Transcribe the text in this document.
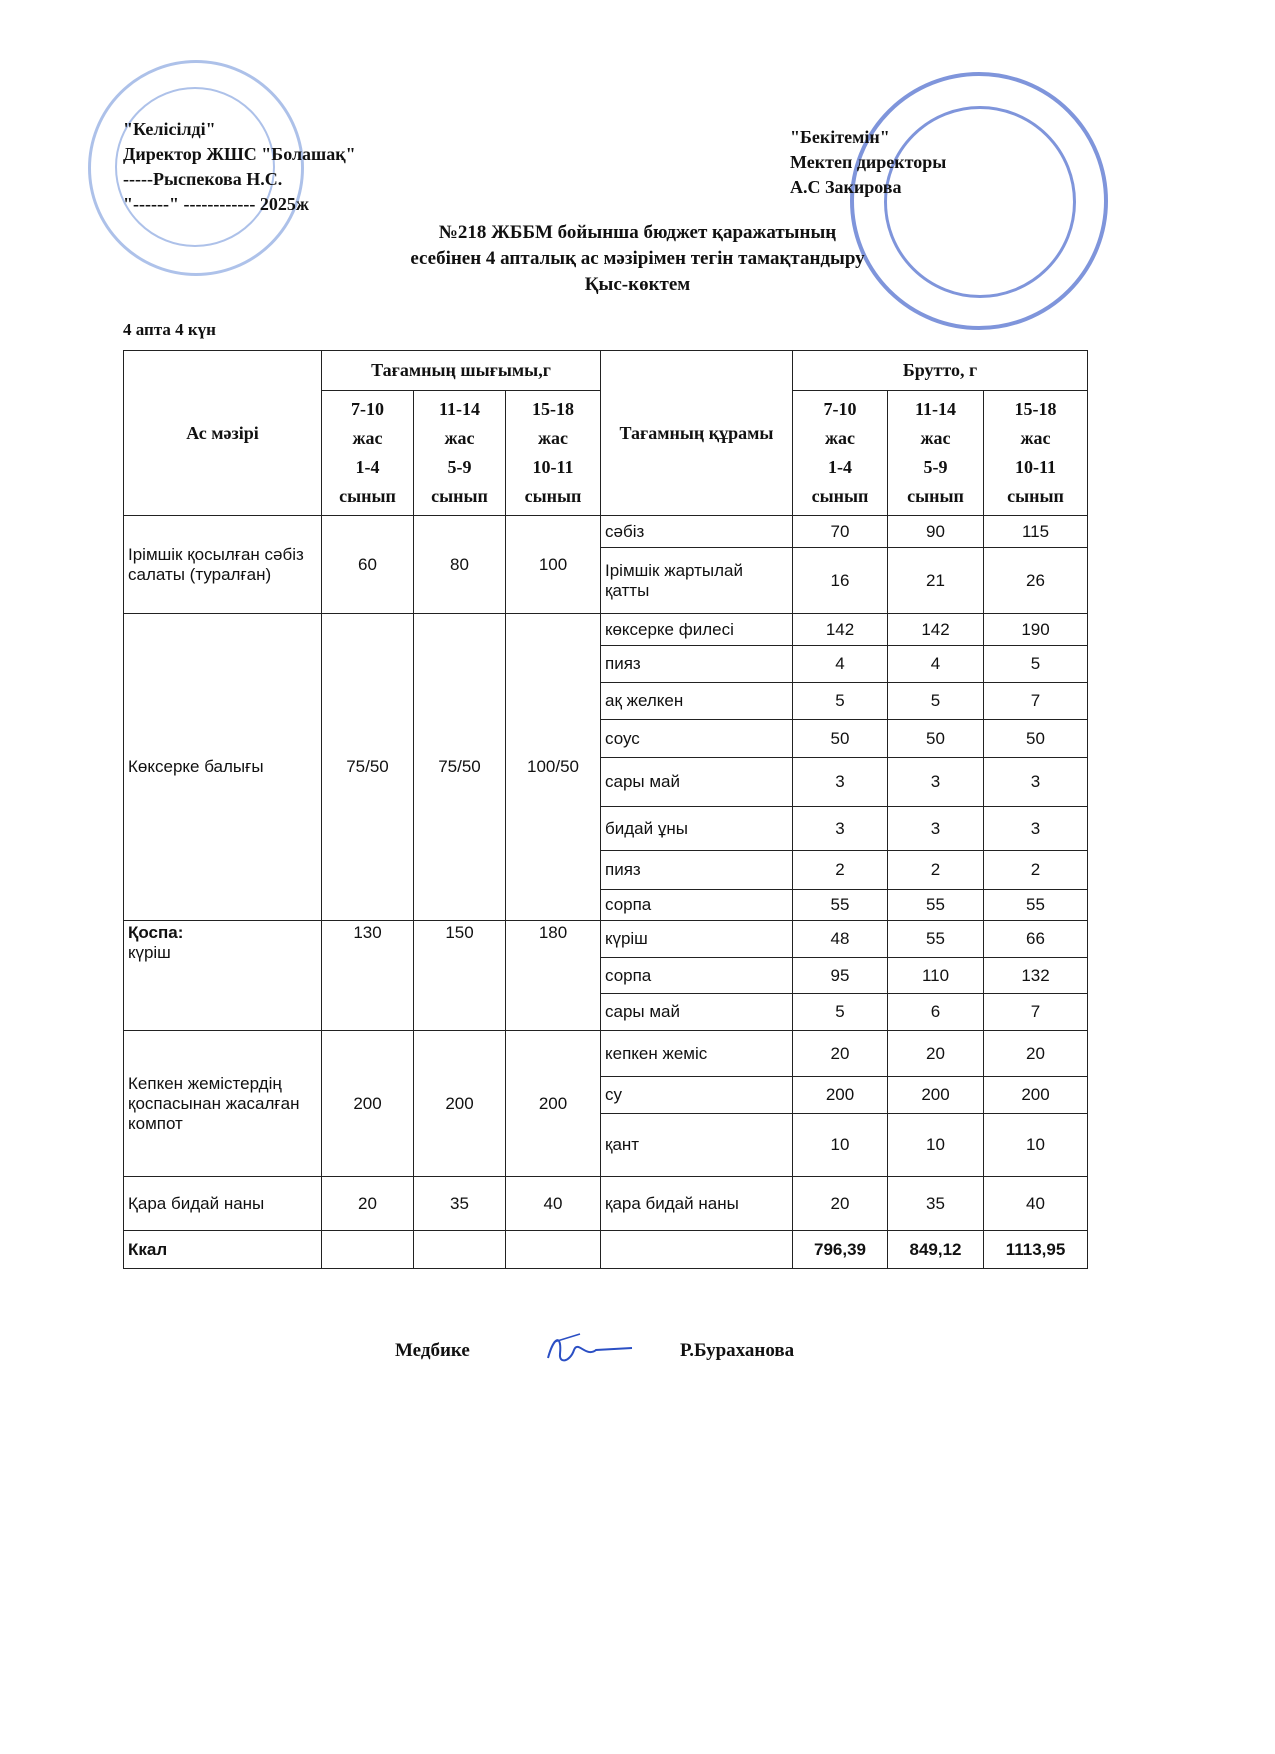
"Келісілді"
Директор ЖШС "Болашақ"
-----Рыспекова Н.С.
"------" ------------ 2025ж
"Бекітемін"
Мектеп директоры
А.С Закирова
№218 ЖББМ бойынша бюджет қаражатының
есебінен 4 апталық ас мәзірімен тегін тамақтандыру
Қыс-көктем
4 апта 4 күн
Ас мәзірі	Тағамның шығымы,г			Тағамның құрамы	Брутто, г		
	7-10
жас
1-4
сынып	11-14
жас
5-9
сынып	15-18
жас
10-11
сынып		7-10
жас
1-4
сынып	11-14
жас
5-9
сынып	15-18
жас
10-11
сынып
Ірімшік қосылған сәбіз салаты (туралған)	60	80	100	сәбіз	70	90	115
				Ірімшік жартылай қатты	16	21	26
Көксерке балығы	75/50	75/50	100/50	көксерке филесі	142	142	190
				пияз	4	4	5
				ақ желкен	5	5	7
				соус	50	50	50
				сары май	3	3	3
				бидай ұны	3	3	3
				пияз	2	2	2
				сорпа	55	55	55
Қоспа:
күріш	130	150	180	күріш	48	55	66
				сорпа	95	110	132
				сары май	5	6	7
Кепкен жемістердің қоспасынан жасалған компот	200	200	200	кепкен жеміс	20	20	20
				су	200	200	200
				қант	10	10	10
Қара бидай наны	20	35	40	қара бидай наны	20	35	40
Ккал					796,39	849,12	1113,95
Медбике	Р.Бураханова
